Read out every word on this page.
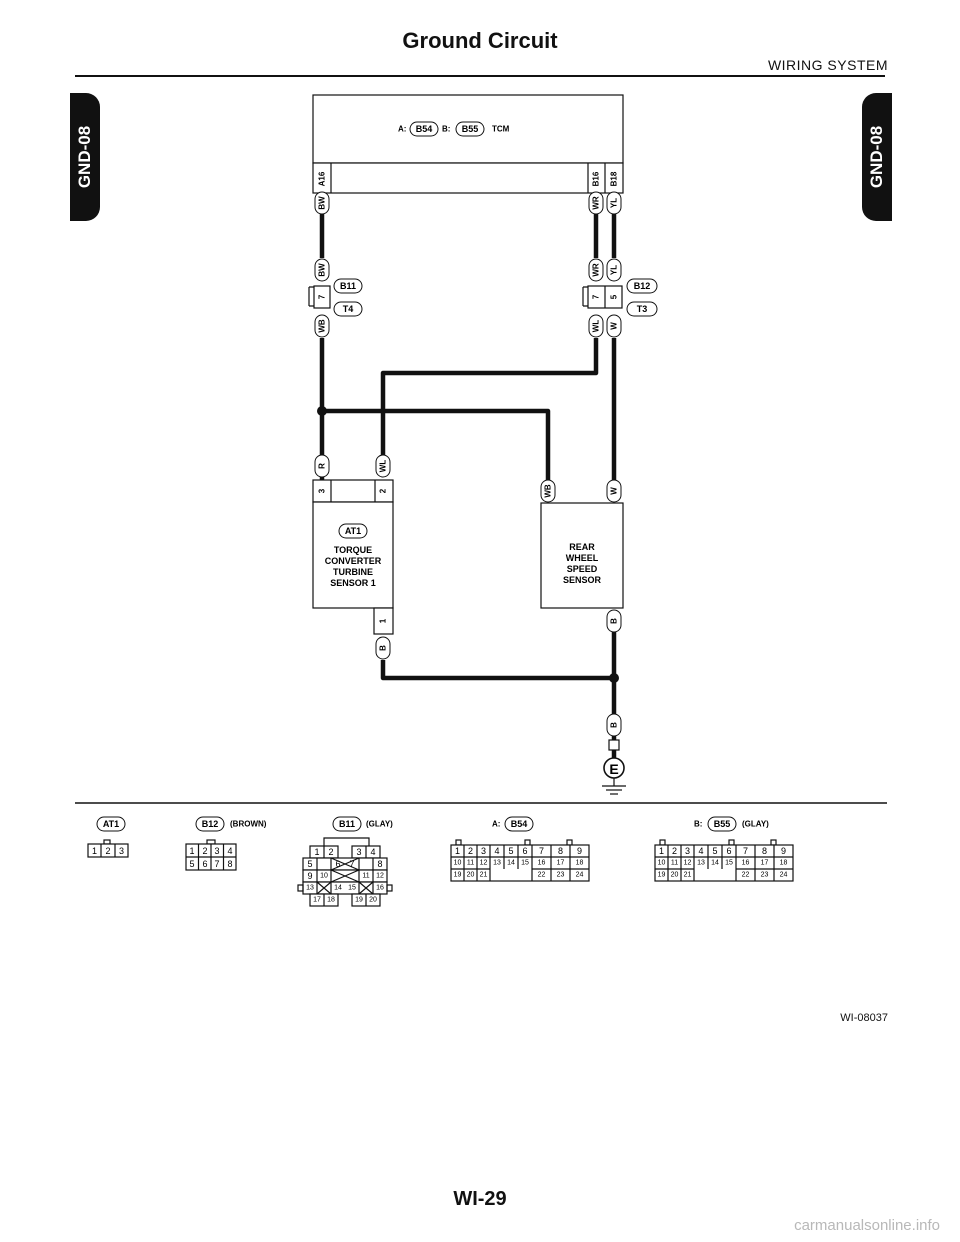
Ground Circuit
WIRING SYSTEM
GND-08	GND-08
A: B54 B: B55 TCM
A16	B16 B18
BW	WR YL
BW
WB
WR YL
WL W
R	WL
WB	W
B
B
B
7
B11
T4
7 5
B12
T3
3	2
AT1
TORQUE
CONVERTER
TURBINE
SENSOR 1
1
REAR
WHEEL
SPEED
SENSOR
E
AT1
1 2 3
B12 (BROWN)
1 2 3 4
5 6 7 8
B11 (GLAY)
1 2	3 4
5	6 7	8
9 10	11 12
13	14 15	16
17 18	19 20
A: B54
1 2 3 4 5 6 7 8 9
10 11 12 13 14 15 16 17 18
19 20 21	22 23 24
B: B55 (GLAY)
1 2 3 4 5 6 7 8 9
10 11 12 13 14 15 16 17 18
19 20 21	22 23 24
WI-08037
WI-29
carmanualsonline.info
